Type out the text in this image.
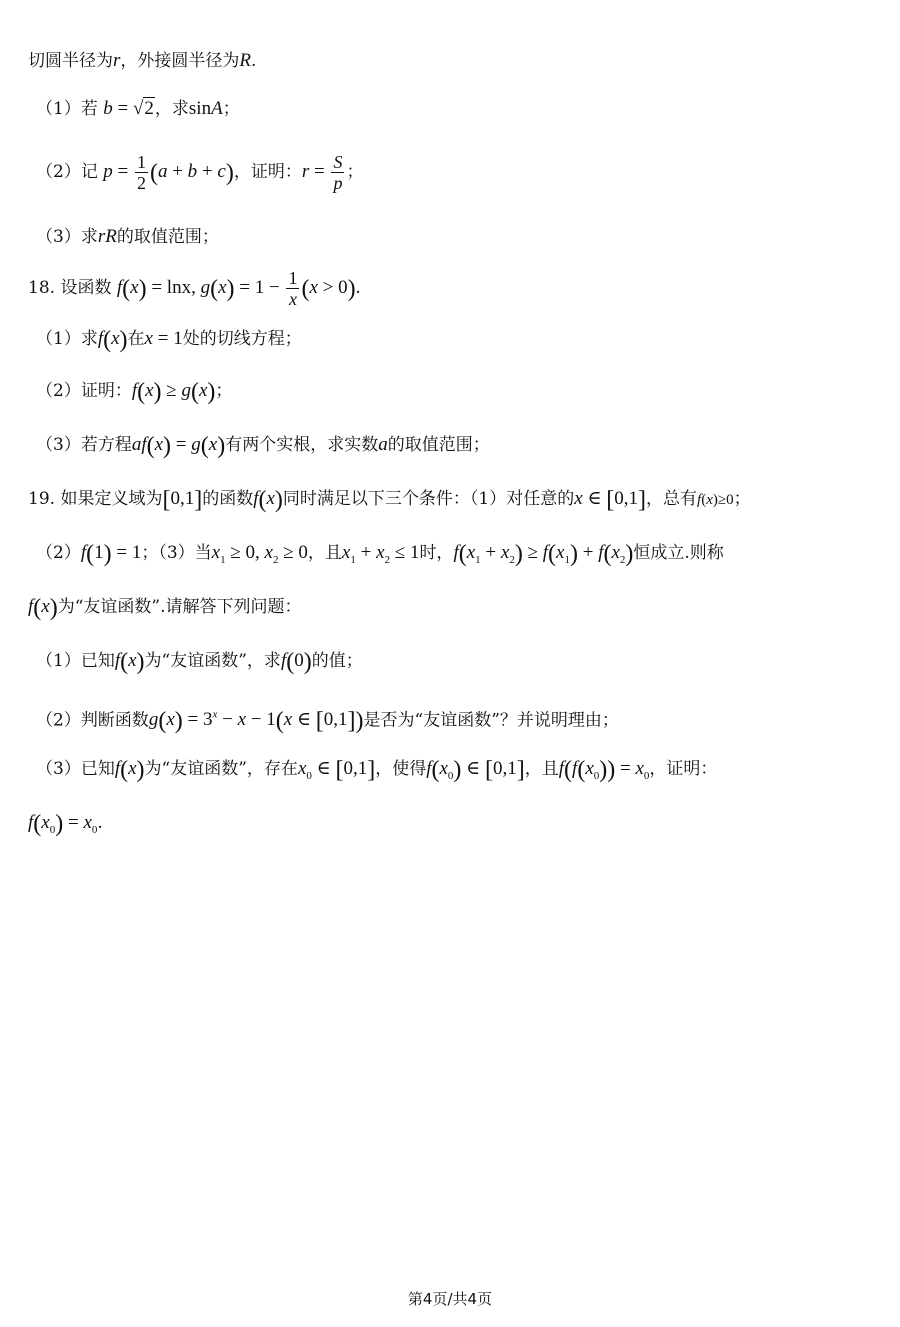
切圆半径为r，外接圆半径为R.
（1）若 b = √2，求sinA；
（2）记 $p = \frac{1}{2} (a + b + c)$，证明：$r = \frac{S}{p}$ ；
（3）求rR的取值范围；
18. 设函数 f(x) = lnx, $g(x) = 1 - \frac{1}{x} (x > 0)$.
（1）求f(x)在x = 1处的切线方程；
（2）证明：f(x) ≥ g(x)；
（3）若方程af(x) = g(x)有两个实根，求实数a的取值范围；
19. 如果定义域为[0,1]的函数f(x)同时满足以下三个条件：（1）对任意的x ∈ [0,1]，总有f(x)≥0；
（2）f(1) = 1；（3）当$x_1 \ge 0$, $x_2 \ge 0$，且$x_1 + x_2 \le 1$时，$f(x_1 + x_2) \ge f(x_1) + f(x_2)$恒成立.则称
f(x)为“友谊函数”.请解答下列问题：
（1）已知f(x)为“友谊函数”，求f(0)的值；
（2）判断函数$g(x) = 3^x - x - 1(x$ ∈ [0,1])是否为“友谊函数”？并说明理由；
（3）已知f(x)为“友谊函数”，存在$x_0$ ∈ [0,1]，使得$f(x_0)$ ∈ [0,1]，且$f(f(x_0)) = x_0$，证明：
$f(x_0) = x_0$.
第4页/共4页
